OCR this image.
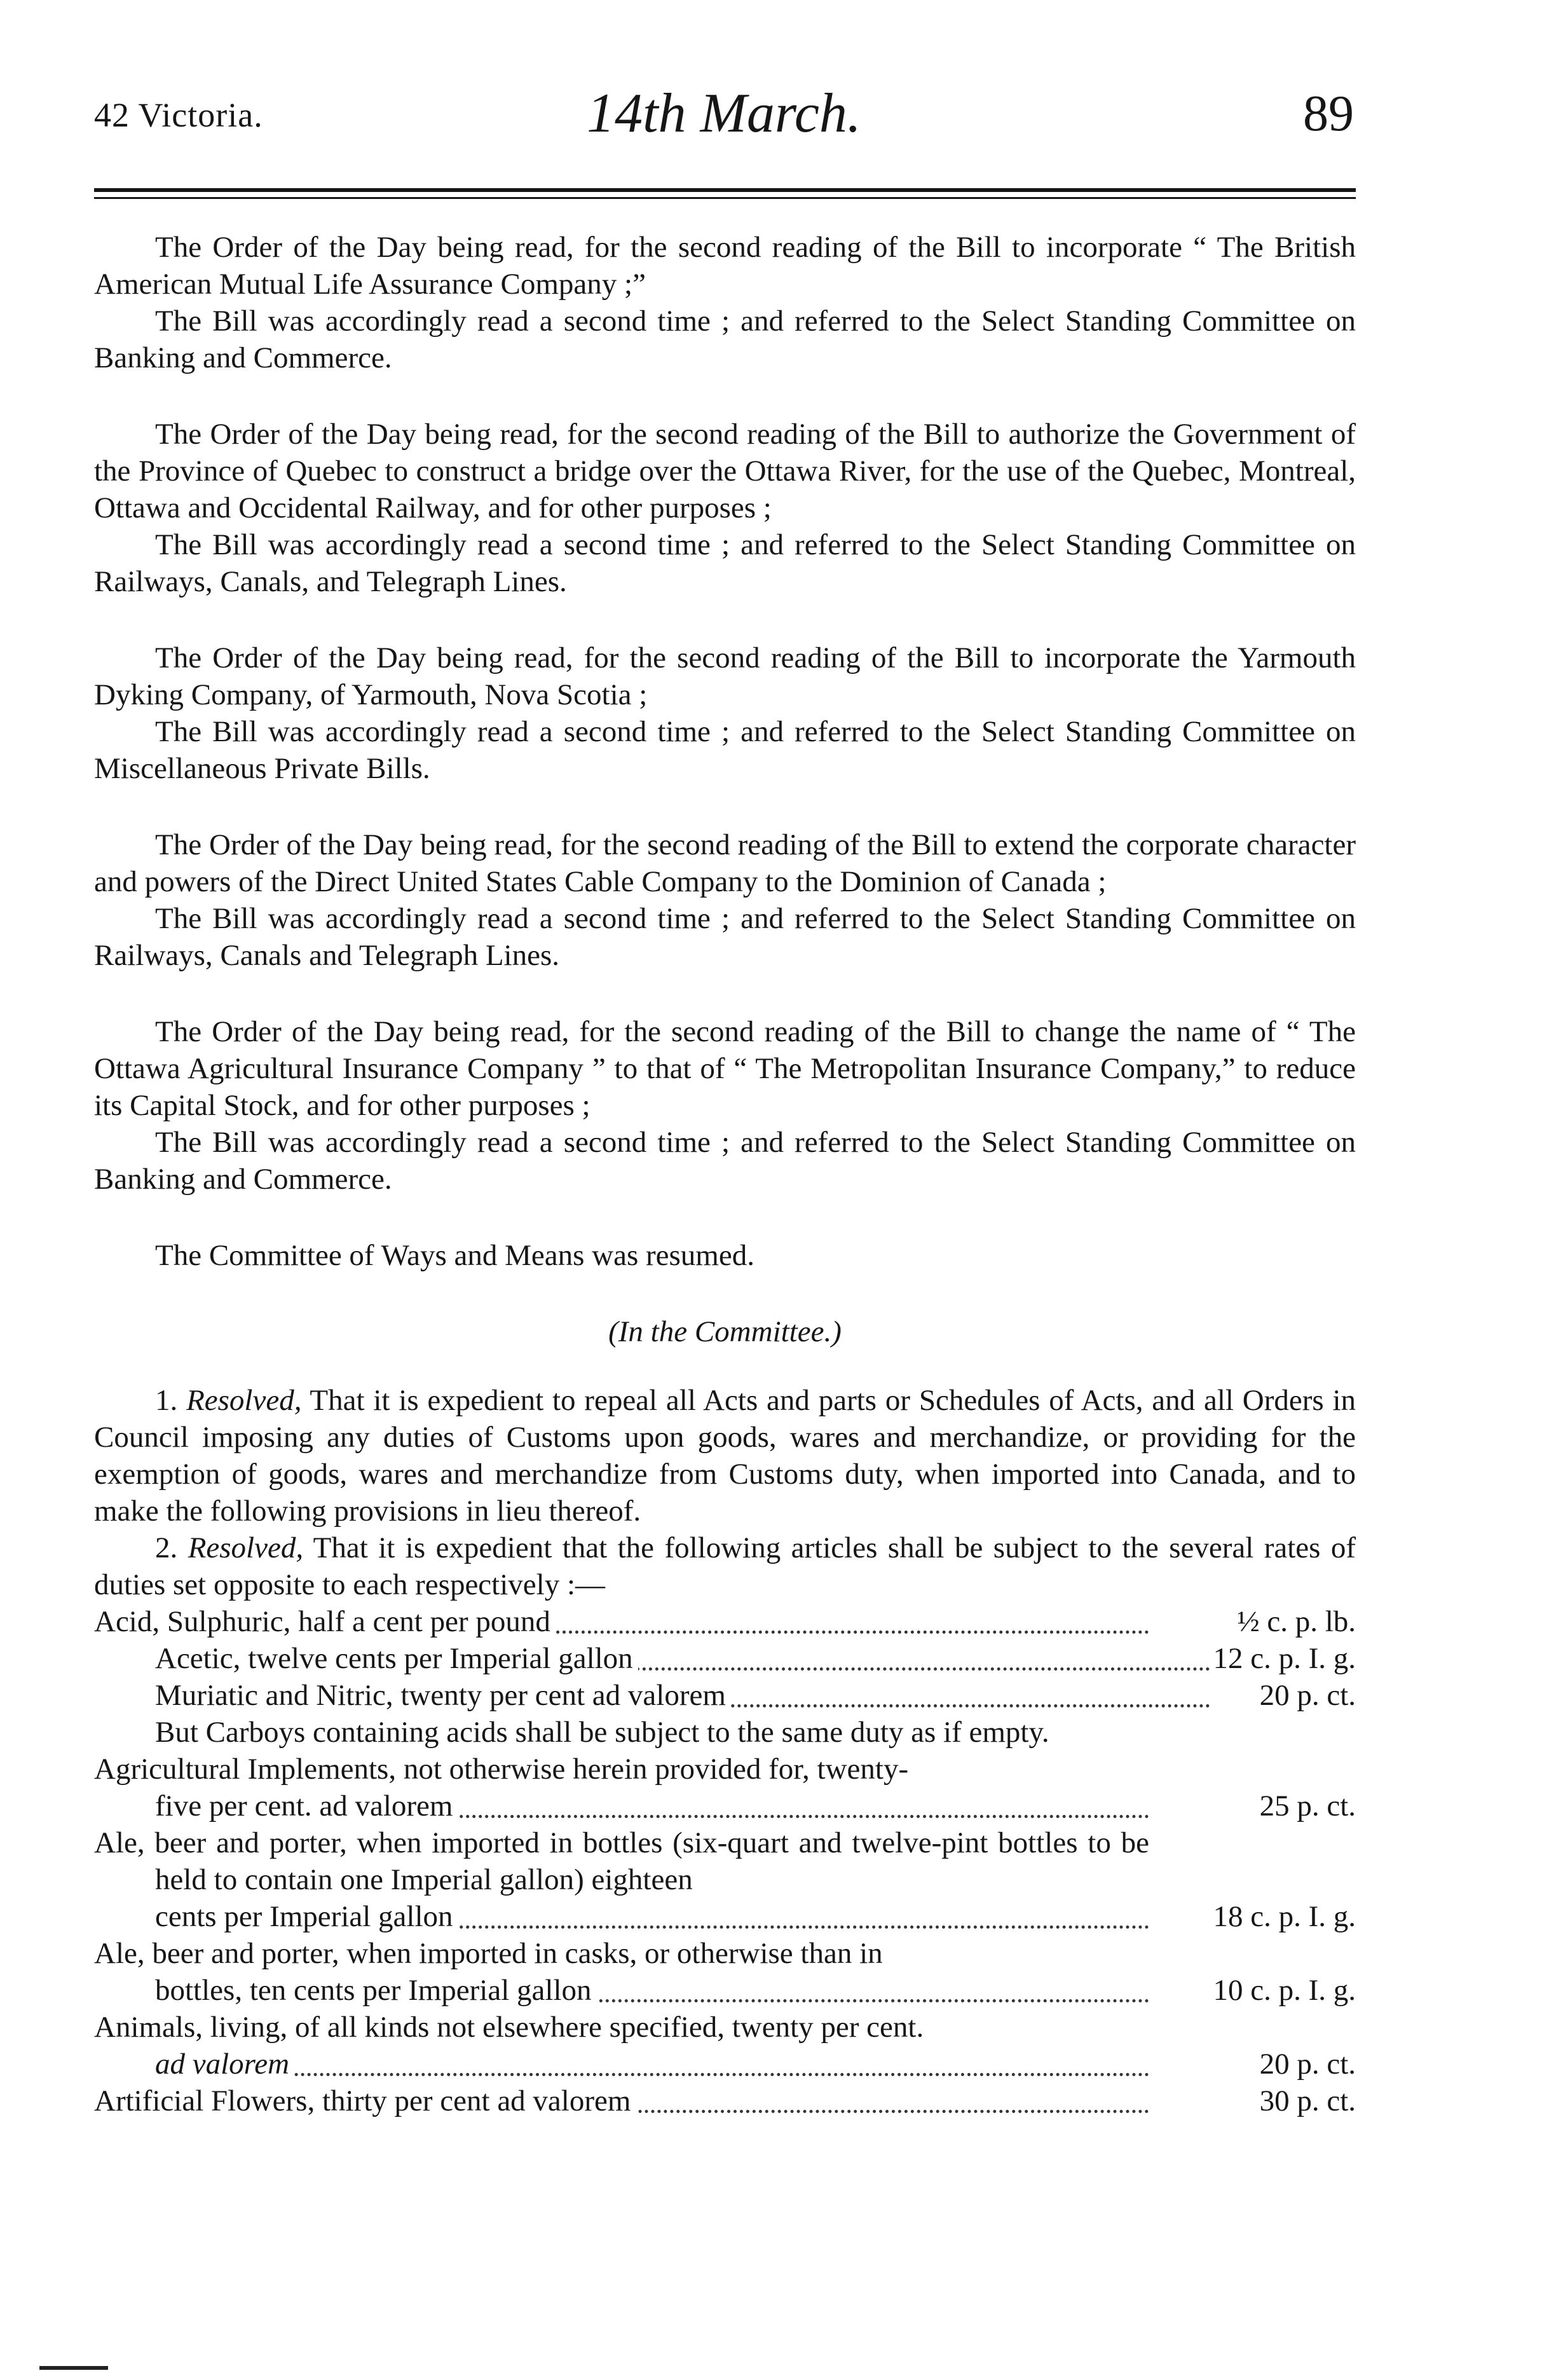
42 Victoria.	14th March.	89
The Order of the Day being read, for the second reading of the Bill to incorporate “ The British American Mutual Life Assurance Company ;”
The Bill was accordingly read a second time ; and referred to the Select Standing Committee on Banking and Commerce.
The Order of the Day being read, for the second reading of the Bill to authorize the Government of the Province of Quebec to construct a bridge over the Ottawa River, for the use of the Quebec, Montreal, Ottawa and Occidental Railway, and for other purposes ;
The Bill was accordingly read a second time ; and referred to the Select Standing Committee on Railways, Canals, and Telegraph Lines.
The Order of the Day being read, for the second reading of the Bill to incorporate the Yarmouth Dyking Company, of Yarmouth, Nova Scotia ;
The Bill was accordingly read a second time ; and referred to the Select Standing Committee on Miscellaneous Private Bills.
The Order of the Day being read, for the second reading of the Bill to extend the corporate character and powers of the Direct United States Cable Company to the Dominion of Canada ;
The Bill was accordingly read a second time ; and referred to the Select Standing Committee on Railways, Canals and Telegraph Lines.
The Order of the Day being read, for the second reading of the Bill to change the name of “ The Ottawa Agricultural Insurance Company ” to that of “ The Metropolitan Insurance Company,” to reduce its Capital Stock, and for other purposes ;
The Bill was accordingly read a second time ; and referred to the Select Standing Committee on Banking and Commerce.
The Committee of Ways and Means was resumed.
(In the Committee.)
1. Resolved, That it is expedient to repeal all Acts and parts or Schedules of Acts, and all Orders in Council imposing any duties of Customs upon goods, wares and merchandize, or providing for the exemption of goods, wares and merchandize from Customs duty, when imported into Canada, and to make the following provisions in lieu thereof.
2. Resolved, That it is expedient that the following articles shall be subject to the several rates of duties set opposite to each respectively :—
Acid, Sulphuric, half a cent per pound	½ c. p. lb.
Acetic, twelve cents per Imperial gallon	12 c. p. I. g.
Muriatic and Nitric, twenty per cent ad valorem	20 p. ct.
But Carboys containing acids shall be subject to the same duty as if empty.
Agricultural Implements, not otherwise herein provided for, twenty-
five per cent. ad valorem	25 p. ct.
Ale, beer and porter, when imported in bottles (six-quart and twelve-pint bottles to be held to contain one Imperial gallon) eighteen
cents per Imperial gallon	18 c. p. I. g.
Ale, beer and porter, when imported in casks, or otherwise than in
bottles, ten cents per Imperial gallon	10 c. p. I. g.
Animals, living, of all kinds not elsewhere specified, twenty per cent.
ad valorem	20 p. ct.
Artificial Flowers, thirty per cent ad valorem	30 p. ct.
